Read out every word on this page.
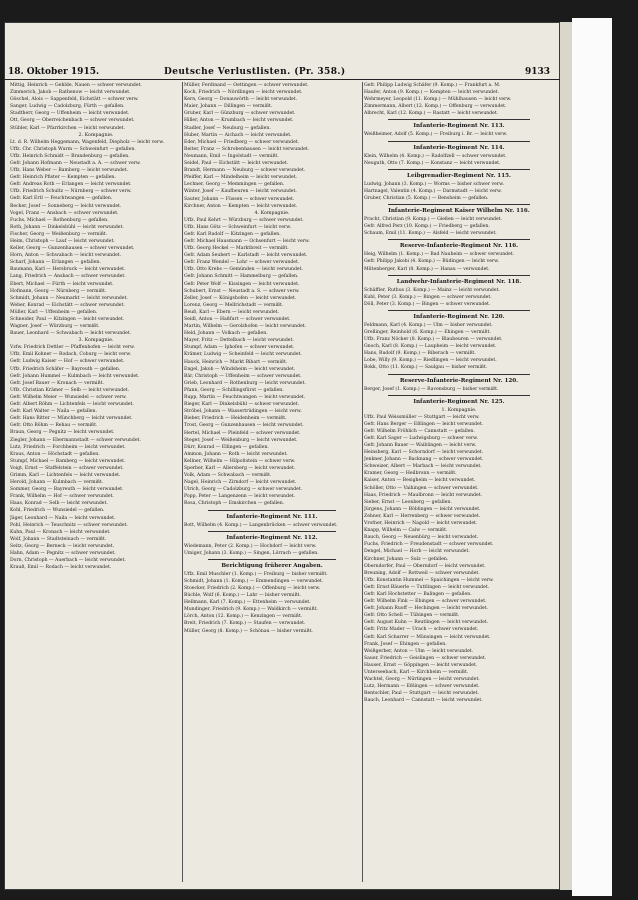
18. Oktober 1915.	Deutsche Verlustlisten. (Pr. 358.)	9133
Mittig, Heinrich — Gehlde, Nauen — schwer verwundet.
Zimmerich, Jakob — Rathenow — leicht verwundet.
Göschel, Alois — Sappenfeld, Eichstätt — schwer verw.
Sanger, Ludwig — Cadolzburg, Fürth — gefallen.
Stadtherr, Georg — Uffenheim — leicht verwundet.
Ott, Georg — Oberreichenbach — schwer verwundet.
Stübler, Karl — Pfarrkirchen — leicht verwundet.
2. Kompagnie.
Lt. d. R. Wilhelm Heggemann, Wagenfeld, Diepholz — leicht verw.
Uffz. Chr. Christoph Wurm — Schweinfurt — gefallen.
Uffz. Heinrich Schmidt — Brandenburg — gefallen.
Gefr. Johann Hofmann — Neustadt a. A. — schwer verw.
Uffz. Hans Weber — Bamberg — leicht verwundet.
Gefr. Heinrich Pfister — Kempten — gefallen.
Gefr. Andreas Roth — Erlangen — leicht verwundet.
Uffz. Friedrich Schultz — Nürnberg — schwer verw.
Gefr. Karl Ertl — Feuchtwangen — gefallen.
Becker, Josef — Sonneberg — leicht verwundet.
Vogel, Franz — Ansbach — schwer verwundet.
Fuchs, Michael — Rothenburg — gefallen.
Roth, Johann — Dinkelsbühl — leicht verwundet.
Fischer, Georg — Weißenburg — vermißt.
Heim, Christoph — Lauf — leicht verwundet.
Keller, Georg — Gunzenhausen — schwer verwundet.
Horn, Anton — Schwabach — leicht verwundet.
Scharf, Johann — Erlangen — gefallen.
Baumann, Karl — Hersbruck — leicht verwundet.
Lang, Friedrich — Ansbach — schwer verwundet.
Ebert, Michael — Fürth — leicht verwundet.
Hofmann, Georg — Nürnberg — vermißt.
Schmidt, Johann — Neumarkt — leicht verwundet.
Weber, Konrad — Eichstätt — schwer verwundet.
Müller, Karl — Uffenheim — gefallen.
Schneider, Paul — Kitzingen — leicht verwundet.
Wagner, Josef — Würzburg — vermißt.
Bauer, Leonhard — Schwabach — leicht verwundet.
3. Kompagnie.
Vzfw. Friedrich Dettler — Pfaffenhofen — leicht verw.
Uffz. Emil Kohner — Rodach, Coburg — leicht verw.
Gefr. Ludwig Kaiser — Hof — schwer verwundet.
Uffz. Friedrich Schäfer — Bayreuth — gefallen.
Gefr. Johann Hummel — Kulmbach — leicht verwundet.
Gefr. Josef Bauer — Kronach — vermißt.
Uffz. Christian Krämer — Selb — leicht verwundet.
Gefr. Wilhelm Meier — Wunsiedel — schwer verw.
Gefr. Albert Röhm — Lichtenfels — leicht verwundet.
Gefr. Karl Walter — Naila — gefallen.
Gefr. Hans Ritter — Münchberg — leicht verwundet.
Gefr. Otto Böhm — Rehau — vermißt.
Braun, Georg — Pegnitz — leicht verwundet.
Ziegler, Johann — Ebermannstadt — schwer verwundet.
Lutz, Friedrich — Forchheim — leicht verwundet.
Kraus, Anton — Höchstadt — gefallen.
Stumpf, Michael — Bamberg — leicht verwundet.
Voigt, Ernst — Staffelstein — schwer verwundet.
Grimm, Karl — Lichtenfels — leicht verwundet.
Herold, Johann — Kulmbach — vermißt.
Sommer, Georg — Bayreuth — leicht verwundet.
Frank, Wilhelm — Hof — schwer verwundet.
Haas, Konrad — Selb — leicht verwundet.
Kohl, Friedrich — Wunsiedel — gefallen.
Jäger, Leonhard — Naila — leicht verwundet.
Pohl, Heinrich — Teuschnitz — schwer verwundet.
Kuhn, Paul — Kronach — leicht verwundet.
Wolf, Johann — Stadtsteinach — vermißt.
Seitz, Georg — Berneck — leicht verwundet.
Hahn, Adam — Pegnitz — schwer verwundet.
Dorn, Christoph — Auerbach — leicht verwundet.
Krauß, Emil — Rodach — leicht verwundet.
Müller, Ferdinand — Oettingen — schwer verwundet.
Koch, Friedrich — Nördlingen — leicht verwundet.
Kern, Georg — Donauwörth — leicht verwundet.
Maier, Johann — Dillingen — vermißt.
Gruber, Karl — Günzburg — schwer verwundet.
Hiller, Anton — Krumbach — leicht verwundet.
Stadler, Josef — Neuburg — gefallen.
Huber, Martin — Aichach — leicht verwundet.
Eder, Michael — Friedberg — schwer verwundet.
Reiter, Franz — Schrobenhausen — leicht verwundet.
Neumann, Emil — Ingolstadt — vermißt.
Seidel, Paul — Eichstätt — leicht verwundet.
Brandt, Hermann — Neuburg — schwer verwundet.
Pfeiffer, Karl — Mindelheim — leicht verwundet.
Lechner, Georg — Memmingen — gefallen.
Winter, Josef — Kaufbeuren — leicht verwundet.
Sauter, Johann — Füssen — schwer verwundet.
Kirchner, Anton — Kempten — leicht verwundet.
4. Kompagnie.
Uffz. Paul Kehrt — Würzburg — schwer verwundet.
Uffz. Hans Götz — Schweinfurt — leicht verw.
Gefr. Karl Rudolf — Kitzingen — gefallen.
Gefr. Michael Hausmann — Ochsenfurt — leicht verw.
Uffz. Georg Heckel — Marktbreit — vermißt.
Gefr. Adam Seubert — Karlstadt — leicht verwundet.
Gefr. Franz Wendel — Lohr — schwer verwundet.
Uffz. Otto Krebs — Gemünden — leicht verwundet.
Gefr. Johann Schmitt — Hammelburg — gefallen.
Gefr. Peter Wolf — Kissingen — leicht verwundet.
Schubert, Ernst — Neustadt a. S. — schwer verw.
Zeller, Josef — Königshofen — leicht verwundet.
Lorenz, Georg — Mellrichstadt — vermißt.
Reuß, Karl — Ebern — leicht verwundet.
Seidl, Anton — Haßfurt — schwer verwundet.
Martin, Wilhelm — Gerolzhofen — leicht verwundet.
Held, Johann — Volkach — gefallen.
Mayer, Fritz — Dettelbach — leicht verwundet.
Stumpf, Adam — Iphofen — schwer verwundet.
Krämer, Ludwig — Scheinfeld — leicht verwundet.
Hauck, Heinrich — Markt Bibart — vermißt.
Engel, Jakob — Windsheim — leicht verwundet.
Bär, Christoph — Uffenheim — schwer verwundet.
Grieb, Leonhard — Rothenburg — leicht verwundet.
Pfann, Georg — Schillingsfürst — gefallen.
Rupp, Martin — Feuchtwangen — leicht verwundet.
Rieger, Karl — Dinkelsbühl — schwer verwundet.
Ströbel, Johann — Wassertrüdingen — leicht verw.
Bieber, Friedrich — Heidenheim — vermißt.
Trost, Georg — Gunzenhausen — leicht verwundet.
Hertel, Michael — Pleinfeld — schwer verwundet.
Steger, Josef — Weißenburg — leicht verwundet.
Dürr, Konrad — Ellingen — gefallen.
Ammon, Johann — Roth — leicht verwundet.
Kellner, Wilhelm — Hilpoltstein — schwer verw.
Sperber, Karl — Allersberg — leicht verwundet.
Volk, Adam — Schwabach — vermißt.
Nagel, Heinrich — Zirndorf — leicht verwundet.
Ulrich, Georg — Cadolzburg — schwer verwundet.
Popp, Peter — Langenzenn — leicht verwundet.
Rosa, Christoph — Emskirchen — gefallen.
Infanterie-Regiment Nr. 111.
Bott, Wilhelm (4. Komp.) — Langenbrücken — schwer verwundet.
Infanterie-Regiment Nr. 112.
Wiedemann, Peter (2. Komp.) — Hochdorf — leicht verw.
Umiger, Johann (3. Komp.) — Singen, Lörrach — gefallen.
Berichtigung früherer Angaben.
Uffz. Emil Muschler (1. Komp.) — Freiburg — bisher vermißt.
Schmidt, Johann (1. Komp.) — Emmendingen — verwundet.
Stoecker, Friedrich (2. Komp.) — Offenburg — leicht verw.
Büchle, Wolf (6. Komp.) — Lahr — bisher vermißt.
Hellmann, Karl (7. Komp.) — Ettenheim — verwundet.
Mundinger, Friedrich (9. Komp.) — Waldkirch — vermißt.
Lörch, Anton (12. Komp.) — Kenzingen — vermißt.
Breit, Friedrich (7. Komp.) — Staufen — verwundet.
Müller, Georg (8. Komp.) — Schönau — bisher vermißt.
Gefr. Philipp Ludwig Schäfer (9. Komp.) — Frankfurt a. M.
Haufer, Anton (9. Komp.) — Kempten — leicht verwundet.
Wehrmeyer, Leopold (11. Komp.) — Mühlhausen — leicht verw.
Zimmermann, Albert (12. Komp.) — Offenburg — verwundet.
Albrecht, Karl (12. Komp.) — Rastatt — leicht verwundet.
Infanterie-Regiment Nr. 113.
Weißheimer, Adolf (5. Komp.) — Freiburg i. Br. — leicht verw.
Infanterie-Regiment Nr. 114.
Klein, Wilhelm (4. Komp.) — Radolfzell — schwer verwundet.
Neuguth, Otto (7. Komp.) — Konstanz — leicht verwundet.
Leibgrenadier-Regiment Nr. 115.
Ludwig, Johann (3. Komp.) — Worms — bisher schwer verw.
Hartnagel, Valentin (4. Komp.) — Darmstadt — leicht verw.
Gruber, Christian (5. Komp.) — Bensheim — gefallen.
Infanterie-Regiment Kaiser Wilhelm Nr. 116.
Pracht, Christian (9. Komp.) — Gießen — leicht verwundet.
Gefr. Alfred Perz (10. Komp.) — Friedberg — gefallen.
Schaum, Emil (11. Komp.) — Alsfeld — leicht verwundet.
Reserve-Infanterie-Regiment Nr. 116.
Heig, Wilhelm (1. Komp.) — Bad Nauheim — schwer verwundet.
Gefr. Philipp Jakobi (4. Komp.) — Büdingen — leicht verw.
Miltenberger, Karl (8. Komp.) — Hanau — verwundet.
Landwehr-Infanterie-Regiment Nr. 118.
Schäffler, Ruthus (3. Komp.) — Mainz — leicht verwundet.
Kuhl, Peter (3. Komp.) — Bingen — schwer verwundet.
Döll, Peter (3. Komp.) — Bingen — schwer verwundet.
Infanterie-Regiment Nr. 120.
Feldmann, Karl (4. Komp.) — Ulm — bisher verwundet.
Grellinger, Reinhold (6. Komp.) — Ehingen — vermißt.
Uffz. Franz Nöcker (8. Komp.) — Blaubeuren — verwundet.
Gnoch, Karl (8. Komp.) — Laupheim — leicht verwundet.
Hans, Rudolf (9. Komp.) — Biberach — vermißt.
Lobe, Willy (9. Komp.) — Riedlingen — leicht verwundet.
Bokk, Otto (11. Komp.) — Saulgau — bisher vermißt.
Reserve-Infanterie-Regiment Nr. 120.
Berger, Josef (1. Komp.) — Ravensburg — bisher vermißt.
Infanterie-Regiment Nr. 125.
1. Kompagnie.
Uffz. Paul Weissmüller — Stuttgart — leicht verw.
Gefr. Hans Berger — Eßlingen — leicht verwundet.
Gefr. Wilhelm Fröhlich — Cannstatt — gefallen.
Gefr. Karl Sager — Ludwigsburg — schwer verw.
Gefr. Johann Bauer — Waiblingen — leicht verw.
Heinsberg, Karl — Schorndorf — leicht verwundet.
Jenkner, Johann — Backnang — schwer verwundet.
Schweizer, Albert — Marbach — leicht verwundet.
Kramer, Georg — Heilbronn — vermißt.
Kaiser, Anton — Besigheim — leicht verwundet.
Schöller, Otto — Vaihingen — schwer verwundet.
Haas, Friedrich — Maulbronn — leicht verwundet.
Sieber, Ernst — Leonberg — gefallen.
Jürgens, Johann — Böblingen — leicht verwundet.
Zehner, Karl — Herrenberg — schwer verwundet.
Vrofner, Heinrich — Nagold — leicht verwundet.
Knapp, Wilhelm — Calw — vermißt.
Rauch, Georg — Neuenbürg — leicht verwundet.
Fuchs, Friedrich — Freudenstadt — schwer verwundet.
Dengel, Michael — Horb — leicht verwundet.
Kirchner, Johann — Sulz — gefallen.
Oberndorfer, Paul — Oberndorf — leicht verwundet.
Breuning, Adolf — Rottweil — schwer verwundet.
Uffz. Konstantin Hummel — Spaichingen — leicht verw.
Gefr. Ernst Bäuerle — Tuttlingen — leicht verwundet.
Gefr. Karl Hochstetter — Balingen — gefallen.
Gefr. Wilhelm Fink — Ebingen — schwer verwundet.
Gefr. Johann Ruoff — Hechingen — leicht verwundet.
Gefr. Otto Schell — Tübingen — vermißt.
Gefr. August Kuhn — Reutlingen — leicht verwundet.
Gefr. Fritz Mader — Urach — schwer verwundet.
Gefr. Karl Scharrer — Münsingen — leicht verwundet.
Frank, Josef — Ehingen — gefallen.
Weißgerber, Anton — Ulm — leicht verwundet.
Sauer, Friedrich — Geislingen — schwer verwundet.
Hauser, Ernst — Göppingen — leicht verwundet.
Unterseebach, Karl — Kirchheim — vermißt.
Wachtel, Georg — Nürtingen — leicht verwundet.
Lutz, Hermann — Eßlingen — schwer verwundet.
Rentschler, Paul — Stuttgart — leicht verwundet.
Rauch, Leonhard — Cannstatt — leicht verwundet.
